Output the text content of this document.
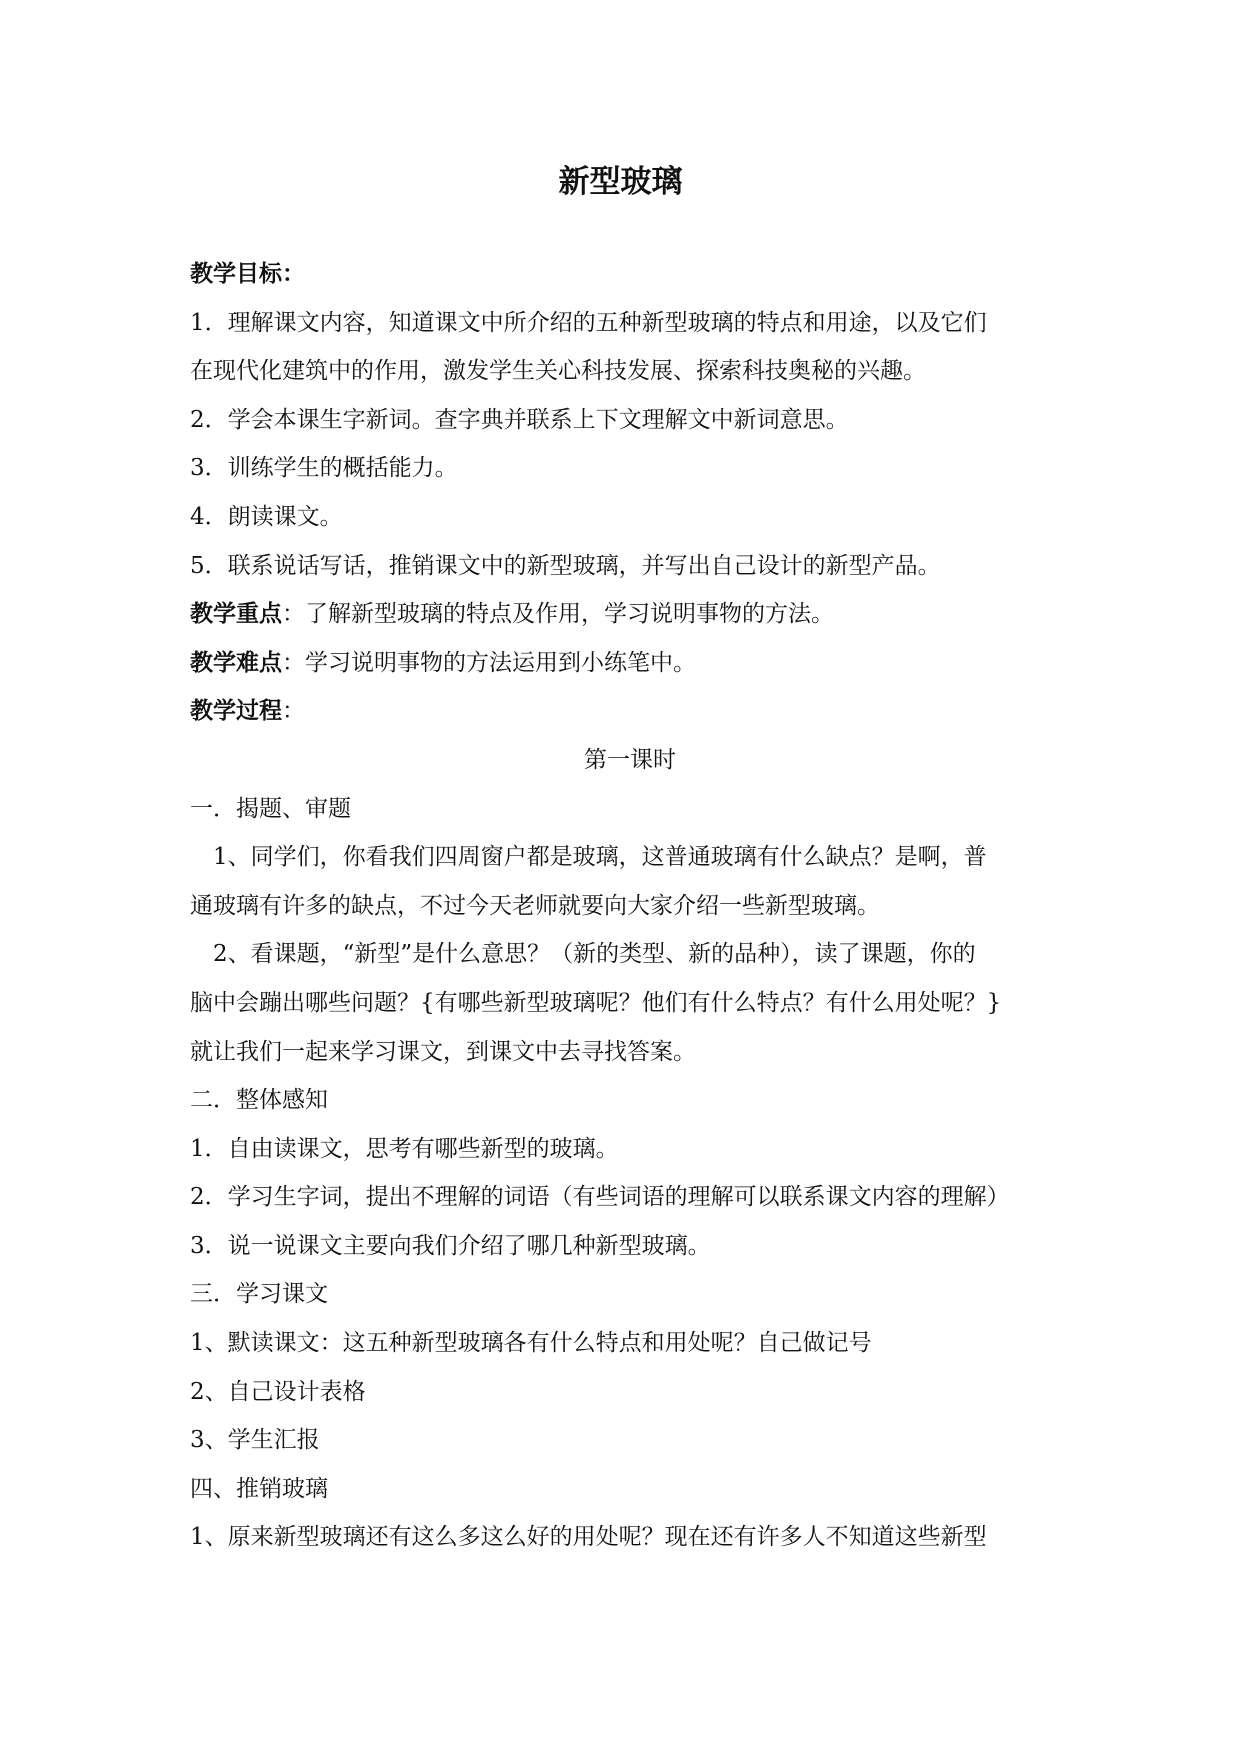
新型玻璃
教学目标：
1．理解课文内容，知道课文中所介绍的五种新型玻璃的特点和用途，以及它们
在现代化建筑中的作用，激发学生关心科技发展、探索科技奥秘的兴趣。
2．学会本课生字新词。查字典并联系上下文理解文中新词意思。
3．训练学生的概括能力。
4．朗读课文。
5．联系说话写话，推销课文中的新型玻璃，并写出自己设计的新型产品。
教学重点：了解新型玻璃的特点及作用，学习说明事物的方法。
教学难点：学习说明事物的方法运用到小练笔中。
教学过程：
第一课时
一．揭题、审题
1、同学们，你看我们四周窗户都是玻璃，这普通玻璃有什么缺点？是啊，普
通玻璃有许多的缺点，不过今天老师就要向大家介绍一些新型玻璃。
2、看课题，“新型”是什么意思？（新的类型、新的品种），读了课题，你的
脑中会蹦出哪些问题？{有哪些新型玻璃呢？他们有什么特点？有什么用处呢？}
就让我们一起来学习课文，到课文中去寻找答案。
二．整体感知
1．自由读课文，思考有哪些新型的玻璃。
2．学习生字词，提出不理解的词语（有些词语的理解可以联系课文内容的理解）
3．说一说课文主要向我们介绍了哪几种新型玻璃。
三．学习课文
1、默读课文：这五种新型玻璃各有什么特点和用处呢？自己做记号
2、自己设计表格
3、学生汇报
四、推销玻璃
1、原来新型玻璃还有这么多这么好的用处呢？现在还有许多人不知道这些新型
